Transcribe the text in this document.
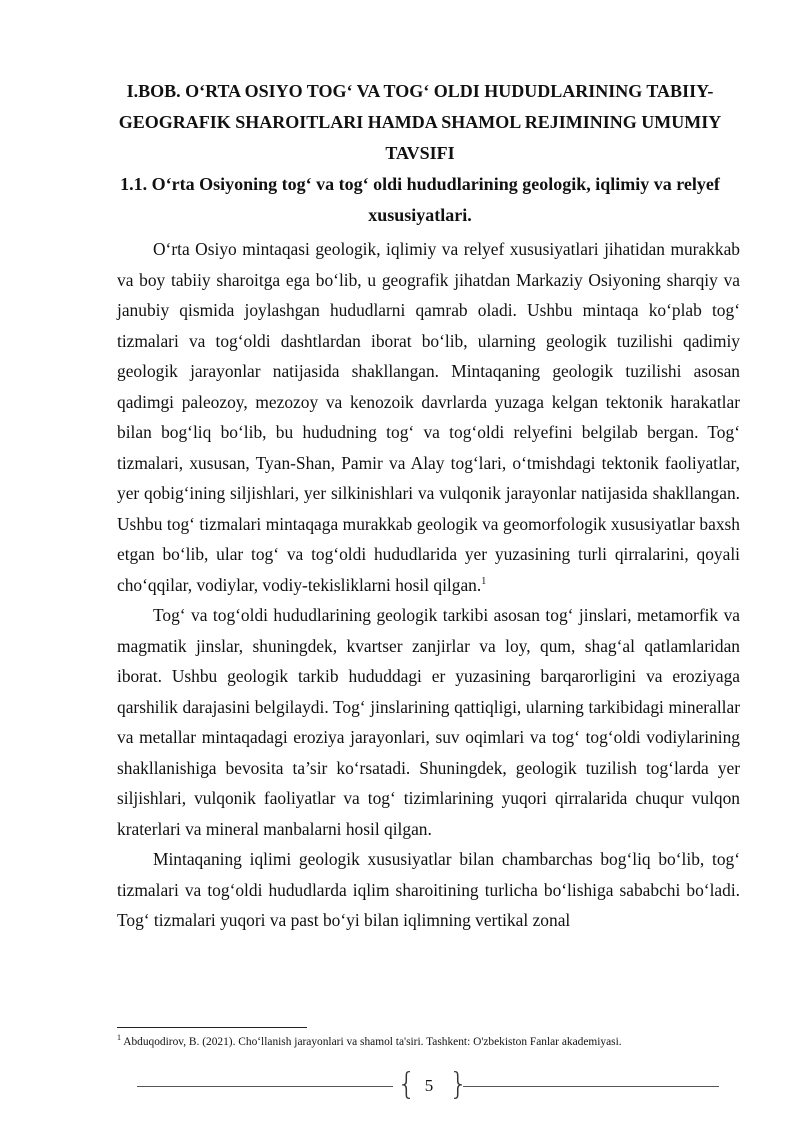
I.BOB. O‘RTA OSIYO TOG‘ VA TOG‘ OLDI HUDUDLARINING TABIIY-GEOGRAFIK SHAROITLARI HAMDA SHAMOL REJIMINING UMUMIY TAVSIFI
1.1. O‘rta Osiyoning tog‘ va tog‘ oldi hududlarining geologik, iqlimiy va relyef xususiyatlari.

O‘rta Osiyo mintaqasi geologik, iqlimiy va relyef xususiyatlari jihatidan murakkab va boy tabiiy sharoitga ega bo‘lib, u geografik jihatdan Markaziy Osiyoning sharqiy va janubiy qismida joylashgan hududlarni qamrab oladi. Ushbu mintaqa ko‘plab tog‘ tizmalari va tog‘oldi dashtlardan iborat bo‘lib, ularning geologik tuzilishi qadimiy geologik jarayonlar natijasida shakllangan. Mintaqaning geologik tuzilishi asosan qadimgi paleozoy, mezozoy va kenozoik davrlarda yuzaga kelgan tektonik harakatlar bilan bog‘liq bo‘lib, bu hududning tog‘ va tog‘oldi relyefini belgilab bergan. Tog‘ tizmalari, xususan, Tyan-Shan, Pamir va Alay tog‘lari, o‘tmishdagi tektonik faoliyatlar, yer qobig‘ining siljishlari, yer silkinishlari va vulqonik jarayonlar natijasida shakllangan. Ushbu tog‘ tizmalari mintaqaga murakkab geologik va geomorfologik xususiyatlar baxsh etgan bo‘lib, ular tog‘ va tog‘oldi hududlarida yer yuzasining turli qirralarini, qoyali cho‘qqilar, vodiylar, vodiy-tekisliklarni hosil qilgan.$^1$

Tog‘ va tog‘oldi hududlarining geologik tarkibi asosan tog‘ jinslari, metamorfik va magmatik jinslar, shuningdek, kvartser zanjirlar va loy, qum, shag‘al qatlamlaridan iborat. Ushbu geologik tarkib hududdagi er yuzasining barqarorligini va eroziyaga qarshilik darajasini belgilaydi. Tog‘ jinslarining qattiqligi, ularning tarkibidagi minerallar va metallar mintaqadagi eroziya jarayonlari, suv oqimlari va tog‘ tog‘oldi vodiylarining shakllanishiga bevosita ta’sir ko‘rsatadi. Shuningdek, geologik tuzilish tog‘larda yer siljishlari, vulqonik faoliyatlar va tog‘ tizimlarining yuqori qirralarida chuqur vulqon kraterlari va mineral manbalarni hosil qilgan.

Mintaqaning iqlimi geologik xususiyatlar bilan chambarchas bog‘liq bo‘lib, tog‘ tizmalari va tog‘oldi hududlarda iqlim sharoitining turlicha bo‘lishiga sababchi bo‘ladi. Tog‘ tizmalari yuqori va past bo‘yi bilan iqlimning vertikal zonal

$^1$ Abduqodirov, B. (2021). Cho‘llanish jarayonlari va shamol ta'siri. Tashkent: O'zbekiston Fanlar akademiyasi.
{ 5 }
